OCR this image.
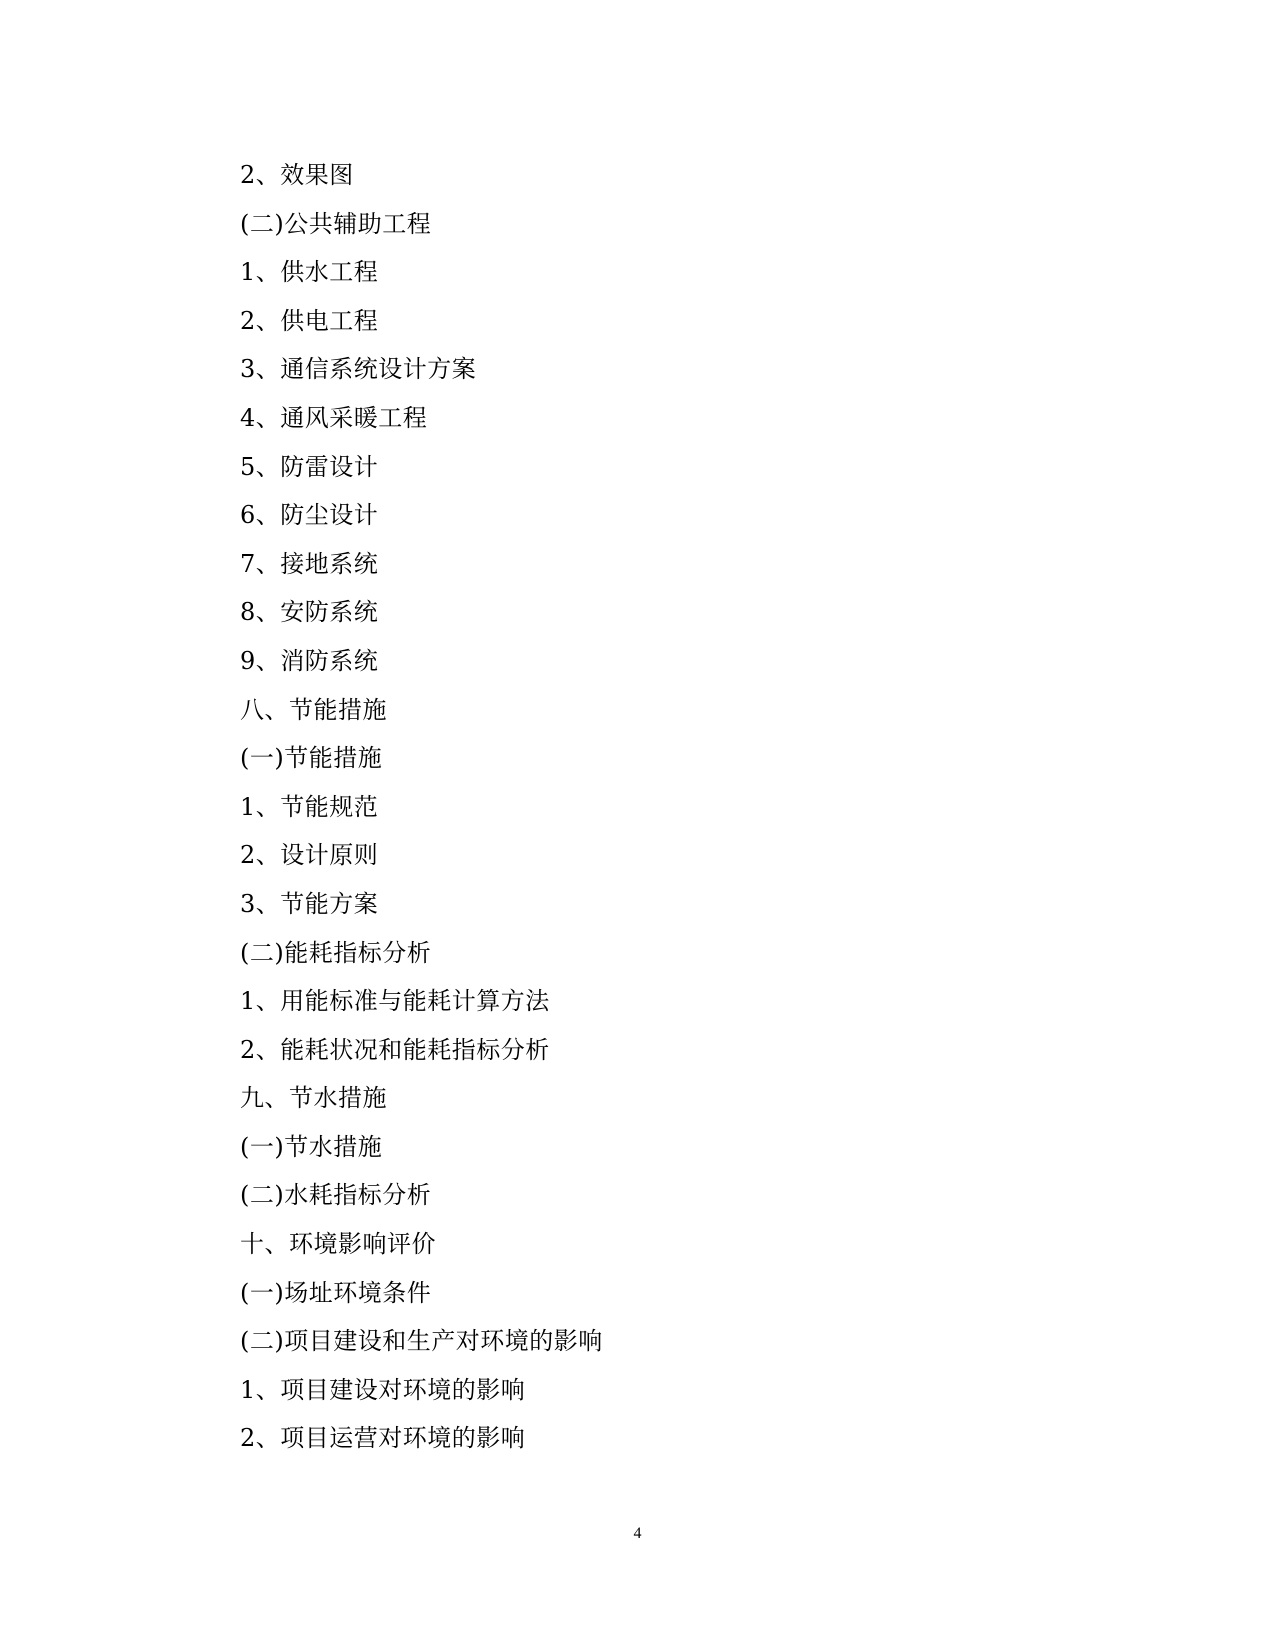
2、效果图
(二)公共辅助工程
1、供水工程
2、供电工程
3、通信系统设计方案
4、通风采暖工程
5、防雷设计
6、防尘设计
7、接地系统
8、安防系统
9、消防系统
八、节能措施
(一)节能措施
1、节能规范
2、设计原则
3、节能方案
(二)能耗指标分析
1、用能标准与能耗计算方法
2、能耗状况和能耗指标分析
九、节水措施
(一)节水措施
(二)水耗指标分析
十、环境影响评价
(一)场址环境条件
(二)项目建设和生产对环境的影响
1、项目建设对环境的影响
2、项目运营对环境的影响
4
